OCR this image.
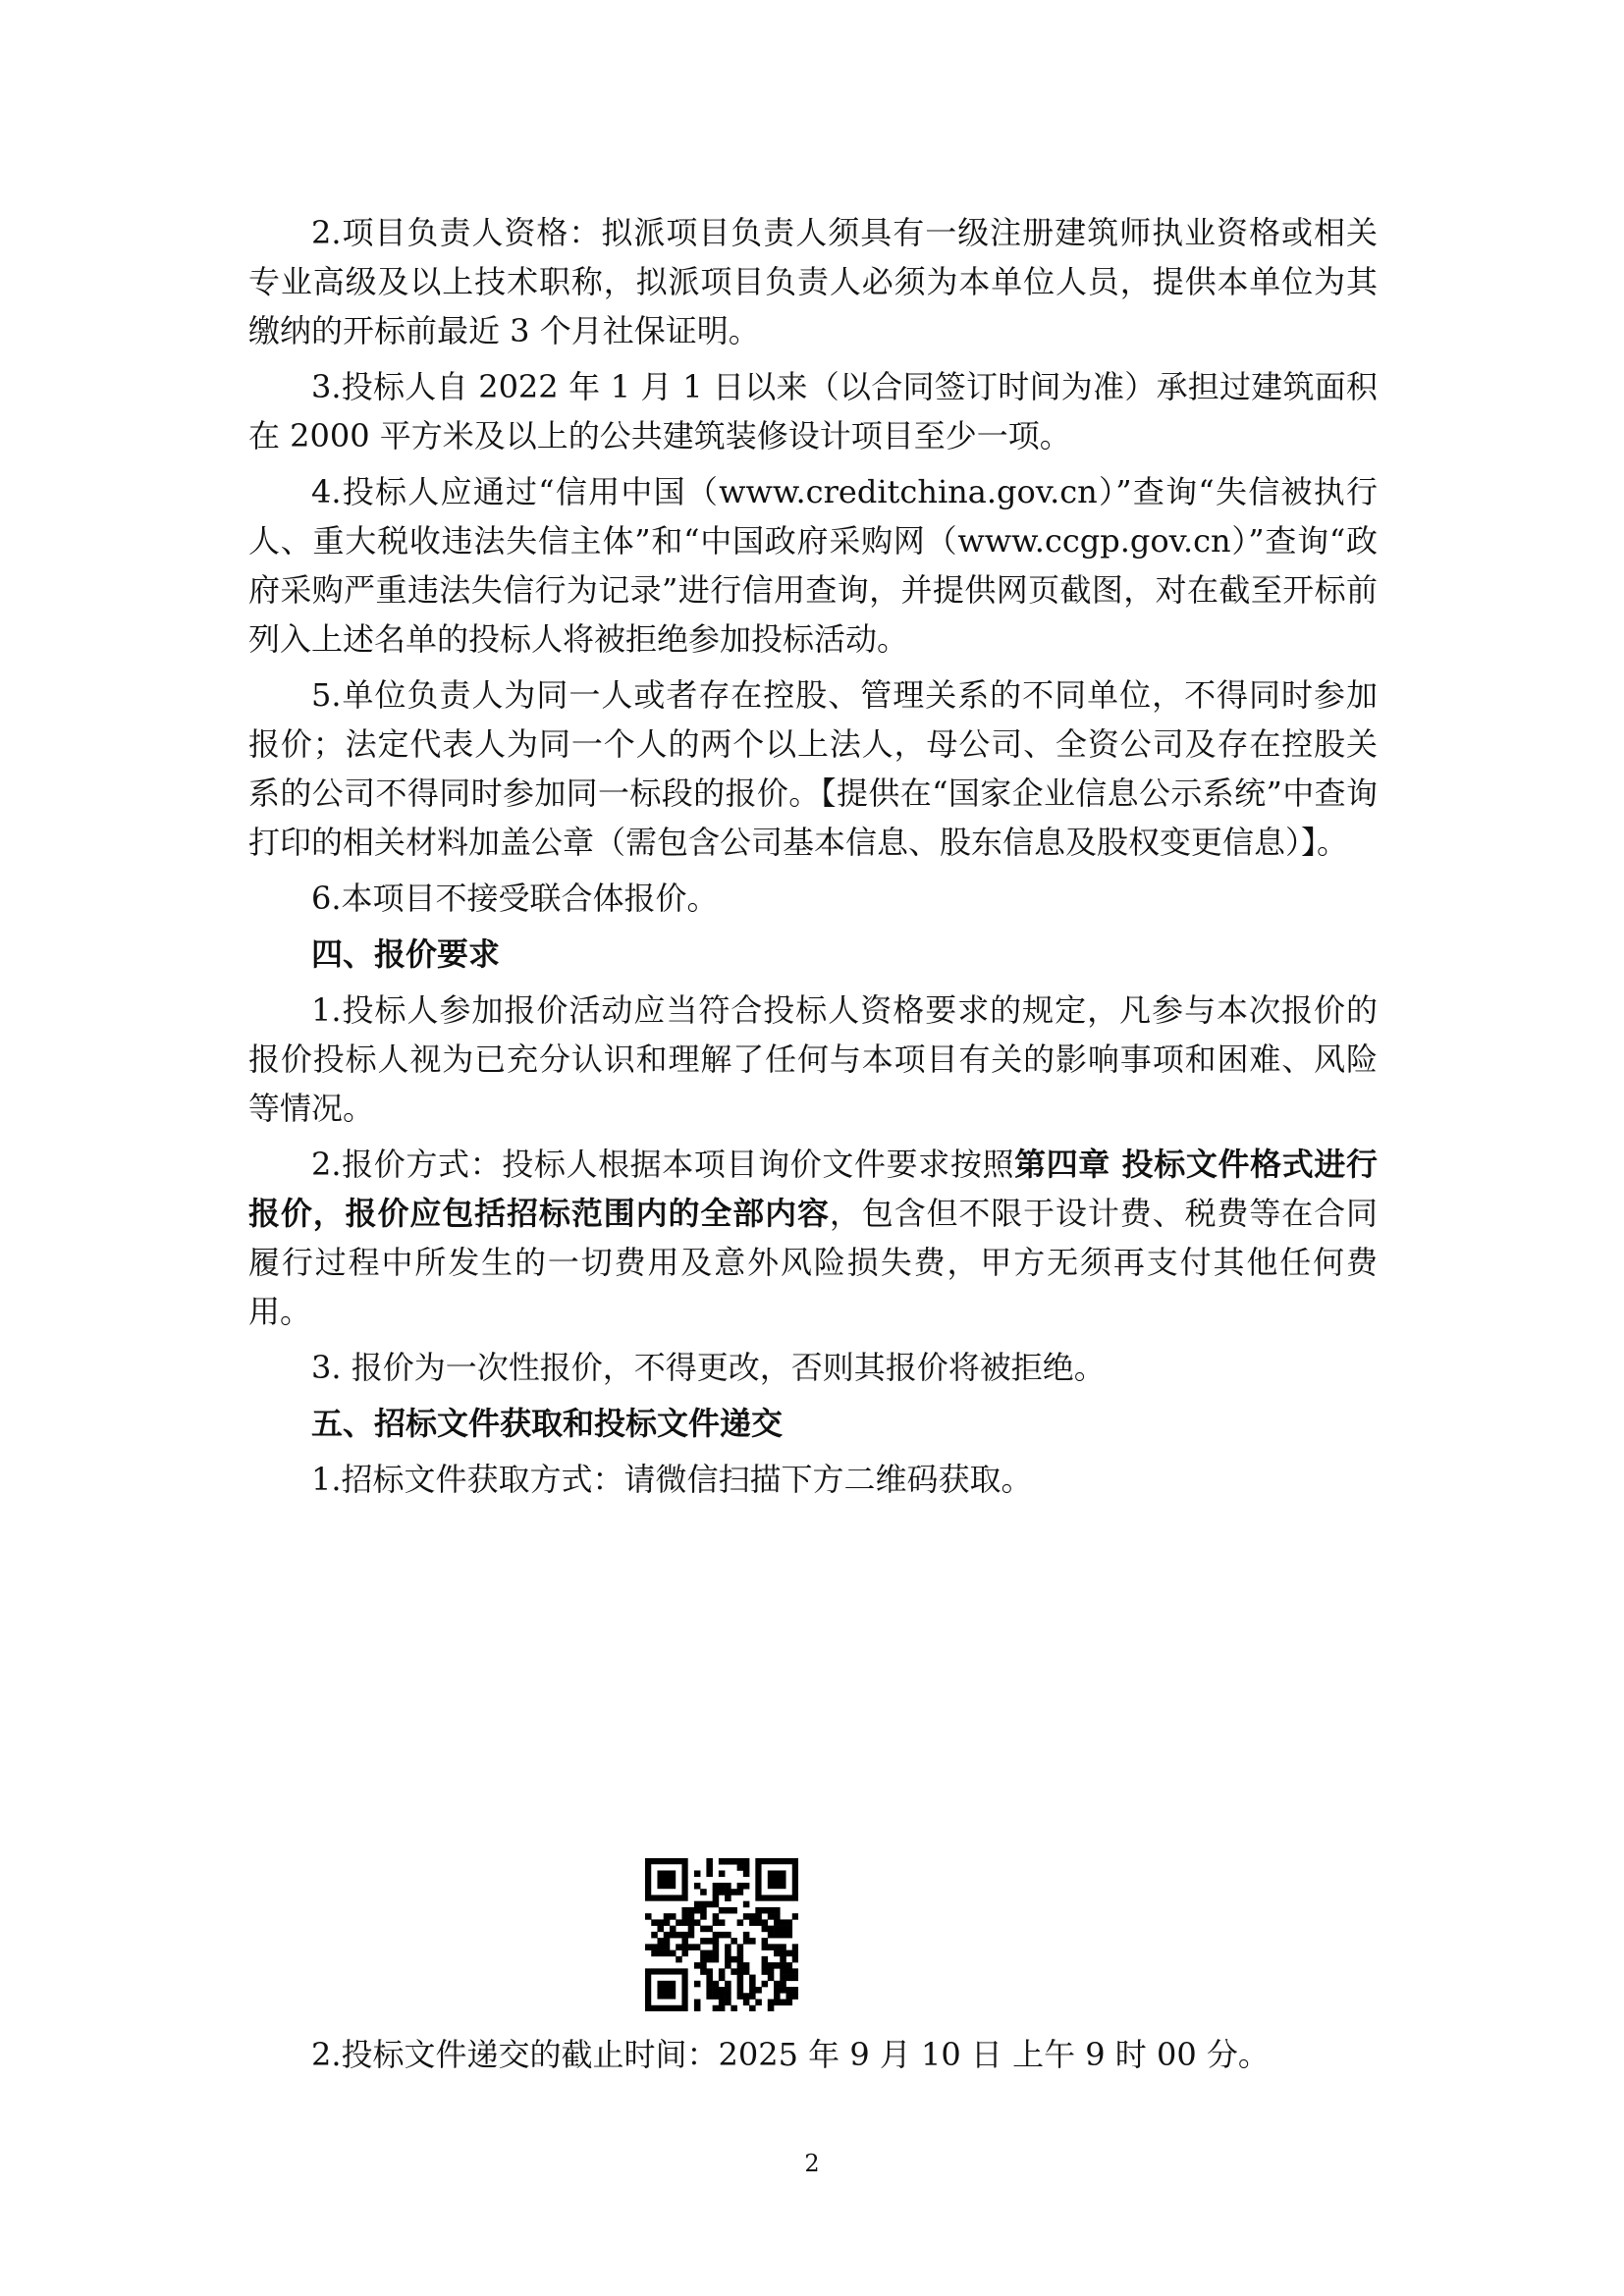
2.项目负责人资格：拟派项目负责人须具有一级注册建筑师执业资格或相关专业高级及以上技术职称，拟派项目负责人必须为本单位人员，提供本单位为其缴纳的开标前最近 3 个月社保证明。

3.投标人自 2022 年 1 月 1 日以来（以合同签订时间为准）承担过建筑面积在 2000 平方米及以上的公共建筑装修设计项目至少一项。

4.投标人应通过“信用中国（www.creditchina.gov.cn）”查询“失信被执行人、重大税收违法失信主体”和“中国政府采购网（www.ccgp.gov.cn）”查询“政府采购严重违法失信行为记录”进行信用查询，并提供网页截图，对在截至开标前列入上述名单的投标人将被拒绝参加投标活动。

5.单位负责人为同一人或者存在控股、管理关系的不同单位，不得同时参加报价；法定代表人为同一个人的两个以上法人，母公司、全资公司及存在控股关系的公司不得同时参加同一标段的报价。【提供在“国家企业信息公示系统”中查询打印的相关材料加盖公章（需包含公司基本信息、股东信息及股权变更信息）】。

6.本项目不接受联合体报价。

四、报价要求

1.投标人参加报价活动应当符合投标人资格要求的规定，凡参与本次报价的报价投标人视为已充分认识和理解了任何与本项目有关的影响事项和困难、风险等情况。

2.报价方式：投标人根据本项目询价文件要求按照第四章 投标文件格式进行报价，报价应包括招标范围内的全部内容，包含但不限于设计费、税费等在合同履行过程中所发生的一切费用及意外风险损失费，甲方无须再支付其他任何费用。

3. 报价为一次性报价，不得更改，否则其报价将被拒绝。

五、招标文件获取和投标文件递交

1.招标文件获取方式：请微信扫描下方二维码获取。

2.投标文件递交的截止时间：2025 年 9 月 10 日 上午 9 时 00 分。

2
